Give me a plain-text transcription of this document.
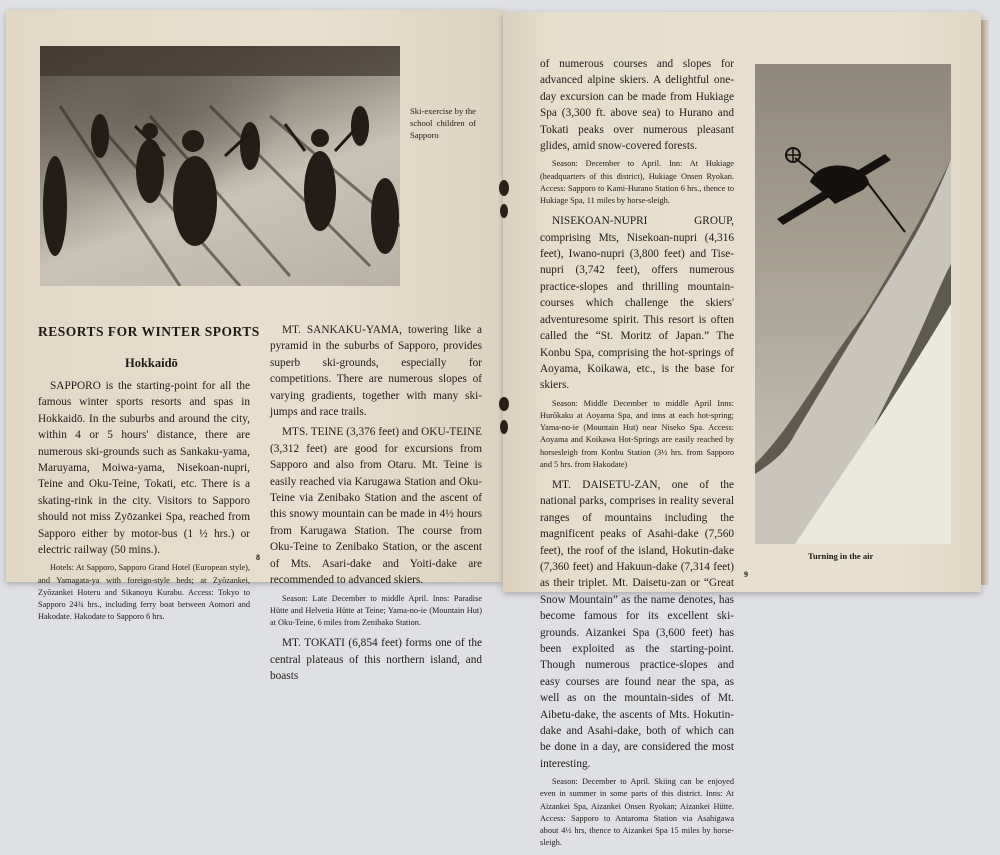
Ski-exercise by the school children of Sapporo
RESORTS FOR WINTER SPORTS
Hokkaidō

SAPPORO is the starting-point for all the famous winter sports resorts and spas in Hokkaidō. In the suburbs and around the city, within 4 or 5 hours' distance, there are numerous ski-grounds such as Sankaku-yama, Maruyama, Moiwa-yama, Nisekoan-nupri, Teine and Oku-Teine, Tokati, etc. There is a skating-rink in the city. Visitors to Sapporo should not miss Zyōzankei Spa, reached from Sapporo either by motor-bus (1 ½ hrs.) or electric railway (50 mins.).

Hotels: At Sapporo, Sapporo Grand Hotel (European style), and Yamagata-ya with foreign-style beds; at Zyōzankei, Zyōzankei Hoteru and Sikanoyu Kurabu. Access: Tokyo to Sapporo 24¾ hrs., including ferry boat between Aomori and Hakodate. Hakodate to Sapporo 6 hrs.

8

MT. SANKAKU-YAMA, towering like a pyramid in the suburbs of Sapporo, provides superb ski-grounds, especially for competitions. There are numerous slopes of varying gradients, together with many ski-jumps and race trails.

MTS. TEINE (3,376 feet) and OKU-TEINE (3,312 feet) are good for excursions from Sapporo and also from Otaru. Mt. Teine is easily reached via Karugawa Station and Oku-Teine via Zenibako Station and the ascent of this snowy mountain can be made in 4½ hours from Karugawa Station. The course from Oku-Teine to Zenibako Station, or the ascent of Mts. Asari-dake and Yoiti-dake are recommended to advanced skiers.

Season: Late December to middle April. Inns: Paradise Hütte and Helvetia Hütte at Teine; Yama-no-ie (Mountain Hut) at Oku-Teine, 6 miles from Zenibako Station.

MT. TOKATI (6,854 feet) forms one of the central plateaus of this northern island, and boasts

of numerous courses and slopes for advanced alpine skiers. A delightful one-day excursion can be made from Hukiage Spa (3,300 ft. above sea) to Hurano and Tokati peaks over numerous pleasant glides, amid snow-covered forests.

Season: December to April. Inn: At Hukiage (headquarters of this district), Hukiage Onsen Ryokan. Access: Sapporo to Kami-Hurano Station 6 hrs., thence to Hukiage Spa, 11 miles by horse-sleigh.

NISEKOAN-NUPRI GROUP, comprising Mts, Nisekoan-nupri (4,316 feet), Iwano-nupri (3,800 feet) and Tise-nupri (3,742 feet), offers numerous practice-slopes and thrilling mountain-courses which challenge the skiers' adventuresome spirit. This resort is often called the “St. Moritz of Japan.” The Konbu Spa, comprising the hot-springs of Aoyama, Koikawa, etc., is the base for skiers.

Season: Middle December to middle April Inns: Hurōkaku at Aoyama Spa, and inns at each hot-spring; Yama-no-ie (Mountain Hut) near Niseko Spa. Access: Aoyama and Koikawa Hot-Springs are easily reached by horsesleigh from Konbu Station (3½ hrs. from Sapporo and 5 hrs. from Hakodate)

MT. DAISETU-ZAN, one of the national parks, comprises in reality several ranges of mountains including the magnificent peaks of Asahi-dake (7,560 feet), the roof of the island, Hokutin-dake (7,360 feet) and Hakuun-dake (7,314 feet) as their triplet. Mt. Daisetu-zan or “Great Snow Mountain” as the name denotes, has become famous for its excellent ski-grounds. Aizankei Spa (3,600 feet) has been exploited as the starting-point. Though numerous practice-slopes and easy courses are found near the spa, as well as on the mountain-sides of Mt. Aibetu-dake, the ascents of Mts. Hokutin-dake and Asahi-dake, both of which can be done in a day, are considered the most interesting.

Season: December to April. Skiing can be enjoyed even in summer in some parts of this district. Inns: At Aizankei Spa, Aizankei Onsen Ryokan; Aizankei Hütte. Access: Sapporo to Antaroma Station via Asahigawa about 4½ hrs, thence to Aizankei Spa 15 miles by horse-sleigh.

9
Turning in the air
